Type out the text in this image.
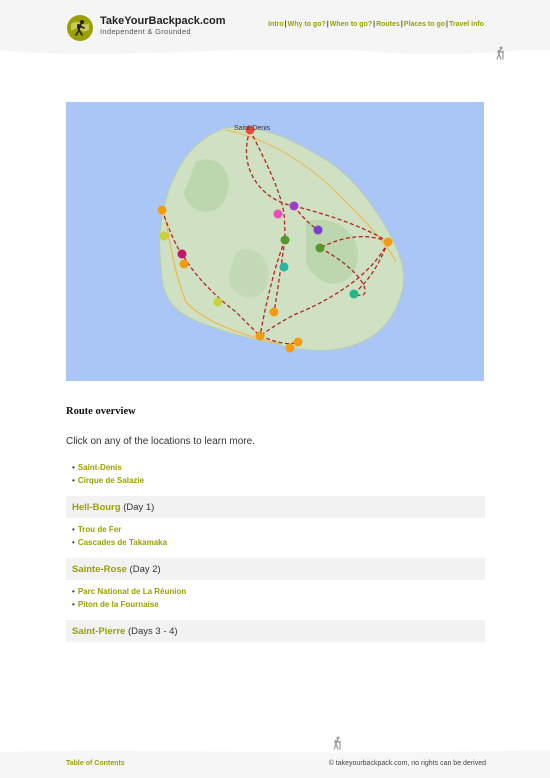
TakeYourBackpack.com
Independent & Grounded
Intro|Why to go?|When to go?|Routes|Places to go|Travel info
Saint-Denis
Route overview

Click on any of the locations to learn more.

• Saint-Denis
• Cirque de Salazie
Hell-Bourg (Day 1)
• Trou de Fer
• Cascades de Takamaka
Sainte-Rose (Day 2)
• Parc National de La Réunion
• Piton de la Fournaise
Saint-Pierre (Days 3 - 4)
Table of Contents	© takeyourbackpack.com, no rights can be derived
